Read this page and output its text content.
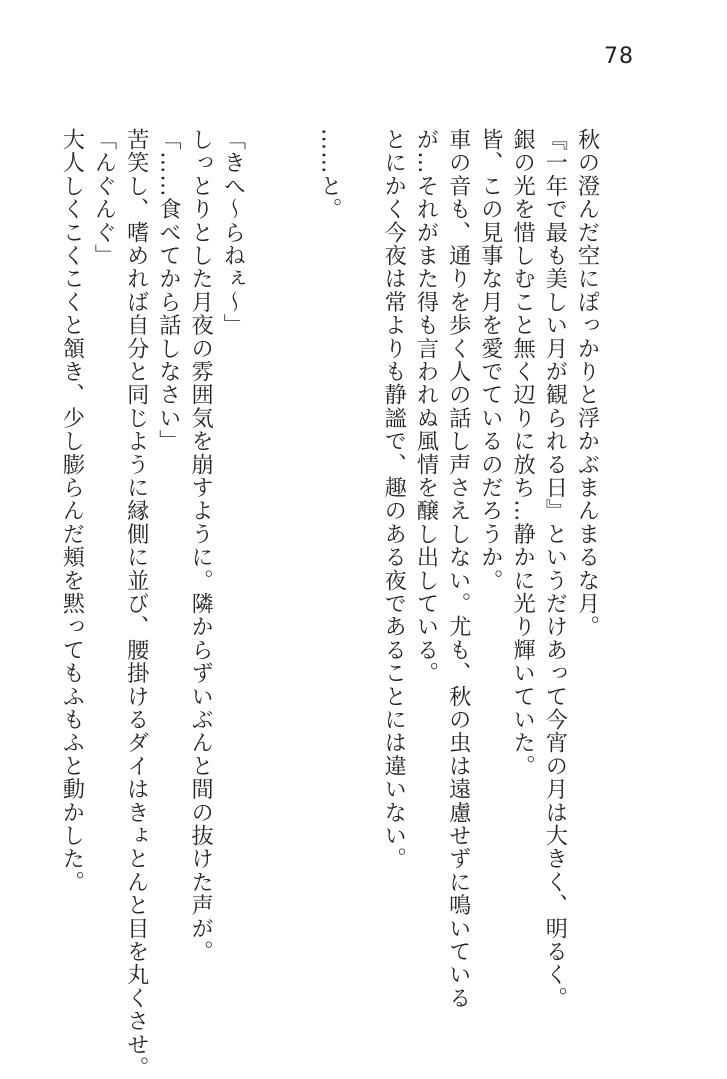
78
秋の澄んだ空にぽっかりと浮かぶまんまるな月。
『一年で最も美しい月が観られる日』というだけあって今宵の月は大きく、明るく。
銀の光を惜しむこと無く辺りに放ち…静かに光り輝いていた。
皆、この見事な月を愛でているのだろうか。
車の音も、通りを歩く人の話し声さえしない。尤も、秋の虫は遠慮せずに鳴いている
が…それがまた得も言われぬ風情を醸し出している。
とにかく今夜は常よりも静謐で、趣のある夜であることには違いない。
……と。
「きへ～らねぇ～」
しっとりとした月夜の雰囲気を崩すように。隣からずいぶんと間の抜けた声が。
「……食べてから話しなさい」
苦笑し、嗜めれば自分と同じように縁側に並び、腰掛けるダイはきょとんと目を丸くさせ。
「んぐんぐ」
大人しくこくこくと頷き、少し膨らんだ頬を黙ってもふもふと動かした。
